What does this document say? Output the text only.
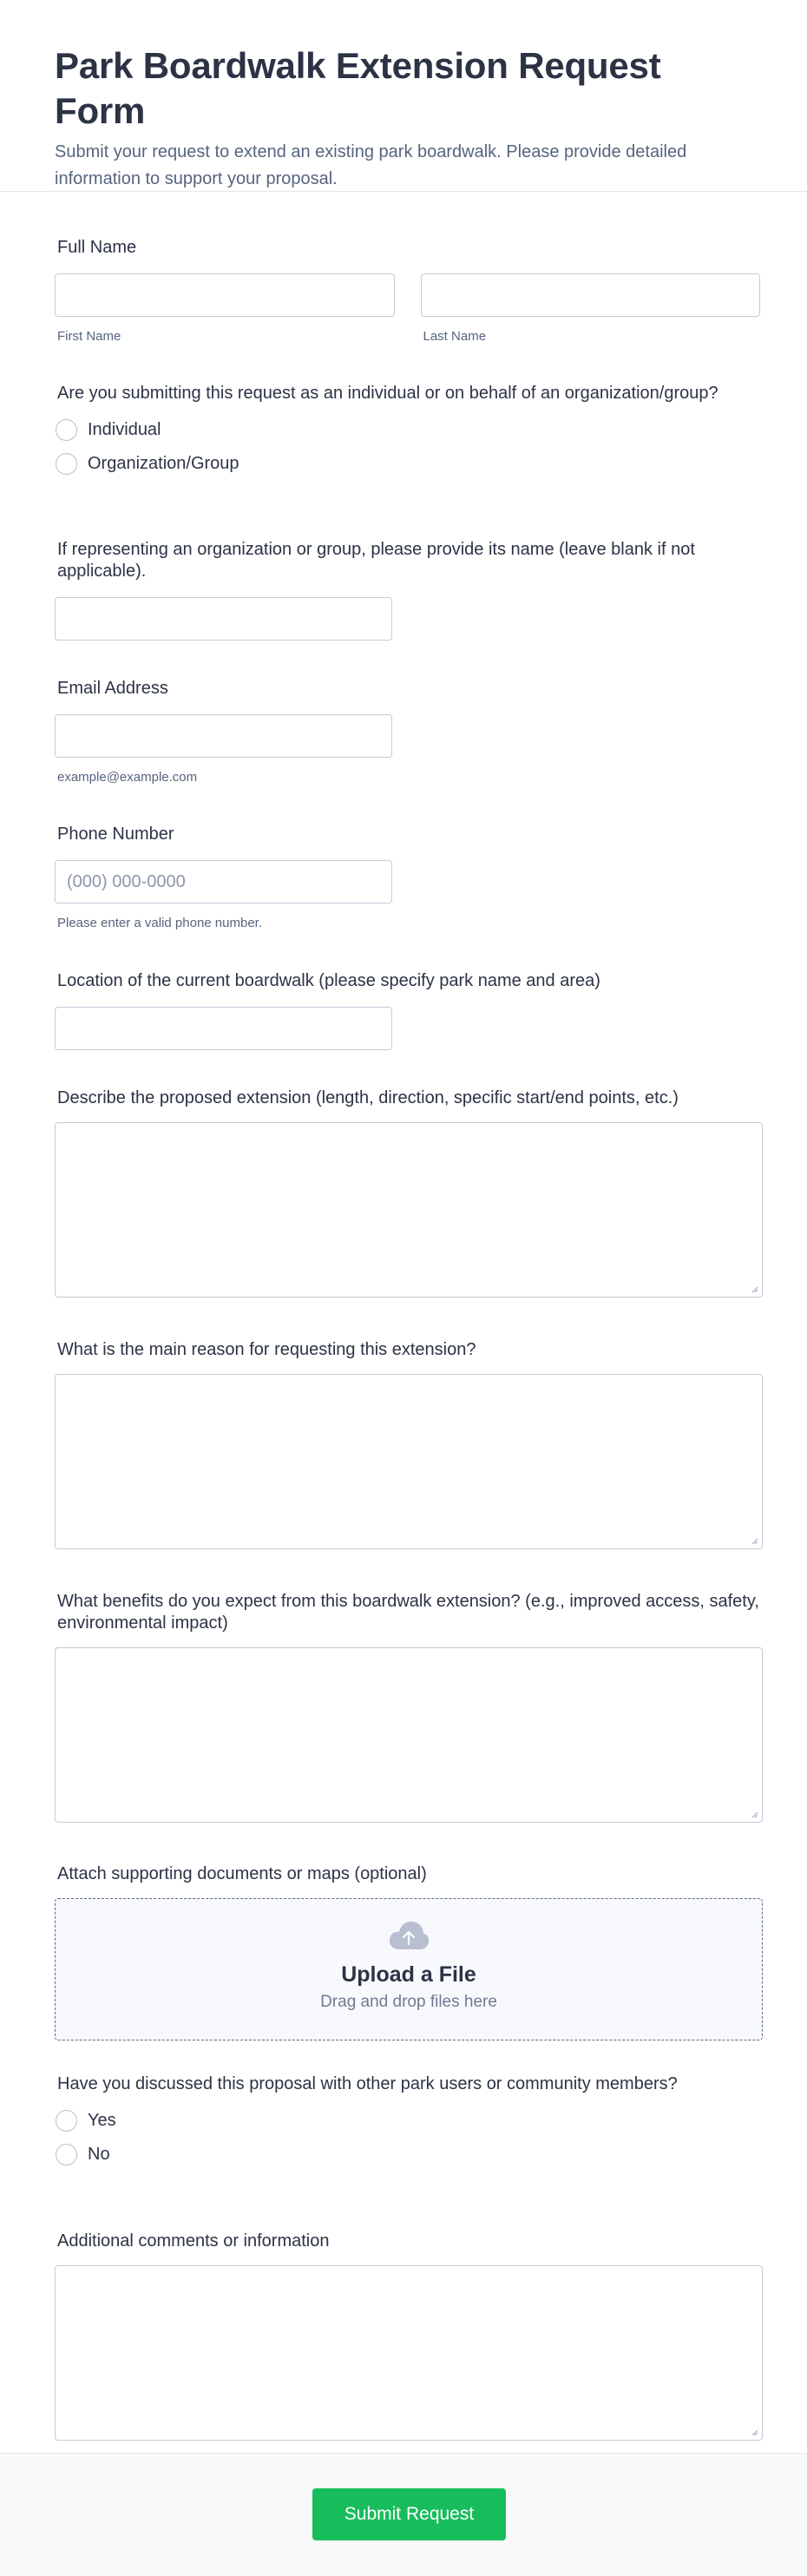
Park Boardwalk Extension Request Form

Submit your request to extend an existing park boardwalk. Please provide detailed information to support your proposal.

Full Name
First Name	Last Name
Are you submitting this request as an individual or on behalf of an organization/group?
Individual
Organization/Group
If representing an organization or group, please provide its name (leave blank if not applicable).
Email Address
example@example.com
Phone Number
(000) 000-0000
Please enter a valid phone number.
Location of the current boardwalk (please specify park name and area)
Describe the proposed extension (length, direction, specific start/end points, etc.)
What is the main reason for requesting this extension?
What benefits do you expect from this boardwalk extension? (e.g., improved access, safety, environmental impact)
Attach supporting documents or maps (optional)
Upload a File
Drag and drop files here
Have you discussed this proposal with other park users or community members?
Yes
No
Additional comments or information
Submit Request
